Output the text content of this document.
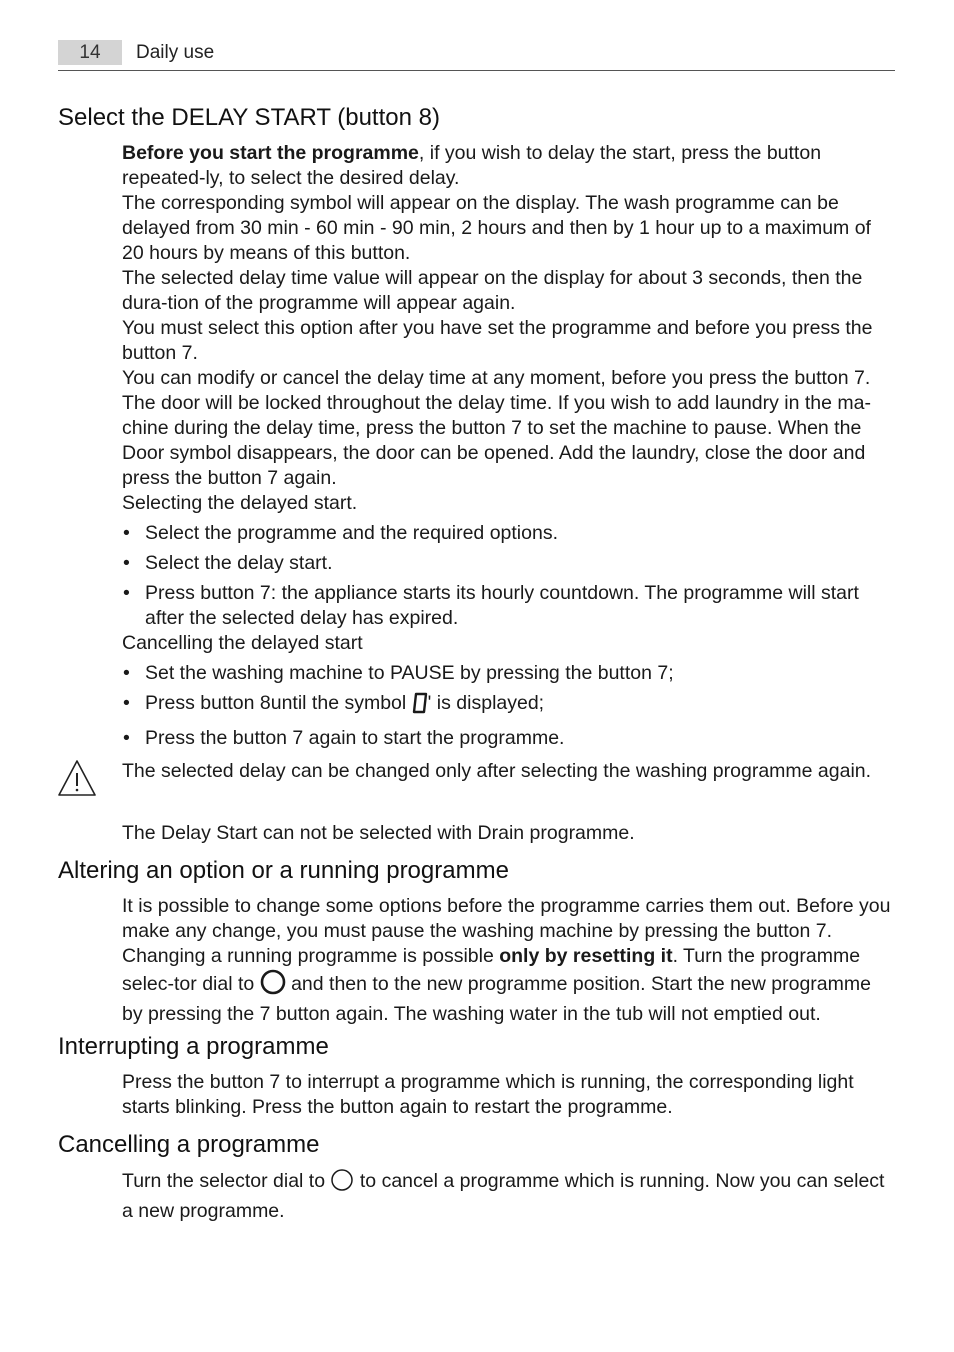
14	Daily use
Select the DELAY START (button 8)

Before you start the programme, if you wish to delay the start, press the button repeated-ly, to select the desired delay.

The corresponding symbol will appear on the display. The wash programme can be delayed from 30 min - 60 min - 90 min, 2 hours and then by 1 hour up to a maximum of 20 hours by means of this button.

The selected delay time value will appear on the display for about 3 seconds, then the dura-tion of the programme will appear again.

You must select this option after you have set the programme and before you press the button 7.

You can modify or cancel the delay time at any moment, before you press the button 7.

The door will be locked throughout the delay time. If you wish to add laundry in the ma-chine during the delay time, press the button 7 to set the machine to pause. When the Door symbol disappears, the door can be opened. Add the laundry, close the door and press the button 7 again.

Selecting the delayed start.

• Select the programme and the required options.
• Select the delay start.
• Press button 7: the appliance starts its hourly countdown. The programme will start after the selected delay has expired.

Cancelling the delayed start

• Set the washing machine to PAUSE by pressing the button 7;
• Press button 8until the symbol ' is displayed;
• Press the button 7 again to start the programme.
The selected delay can be changed only after selecting the washing programme again.
The Delay Start can not be selected with Drain programme.
Altering an option or a running programme

It is possible to change some options before the programme carries them out. Before you make any change, you must pause the washing machine by pressing the button 7.

Changing a running programme is possible only by resetting it. Turn the programme selec-tor dial to and then to the new programme position. Start the new programme by pressing the 7 button again. The washing water in the tub will not emptied out.

Interrupting a programme
Press the button 7 to interrupt a programme which is running, the corresponding light starts blinking. Press the button again to restart the programme.
Cancelling a programme

Turn the selector dial to to cancel a programme which is running. Now you can select a new programme.
